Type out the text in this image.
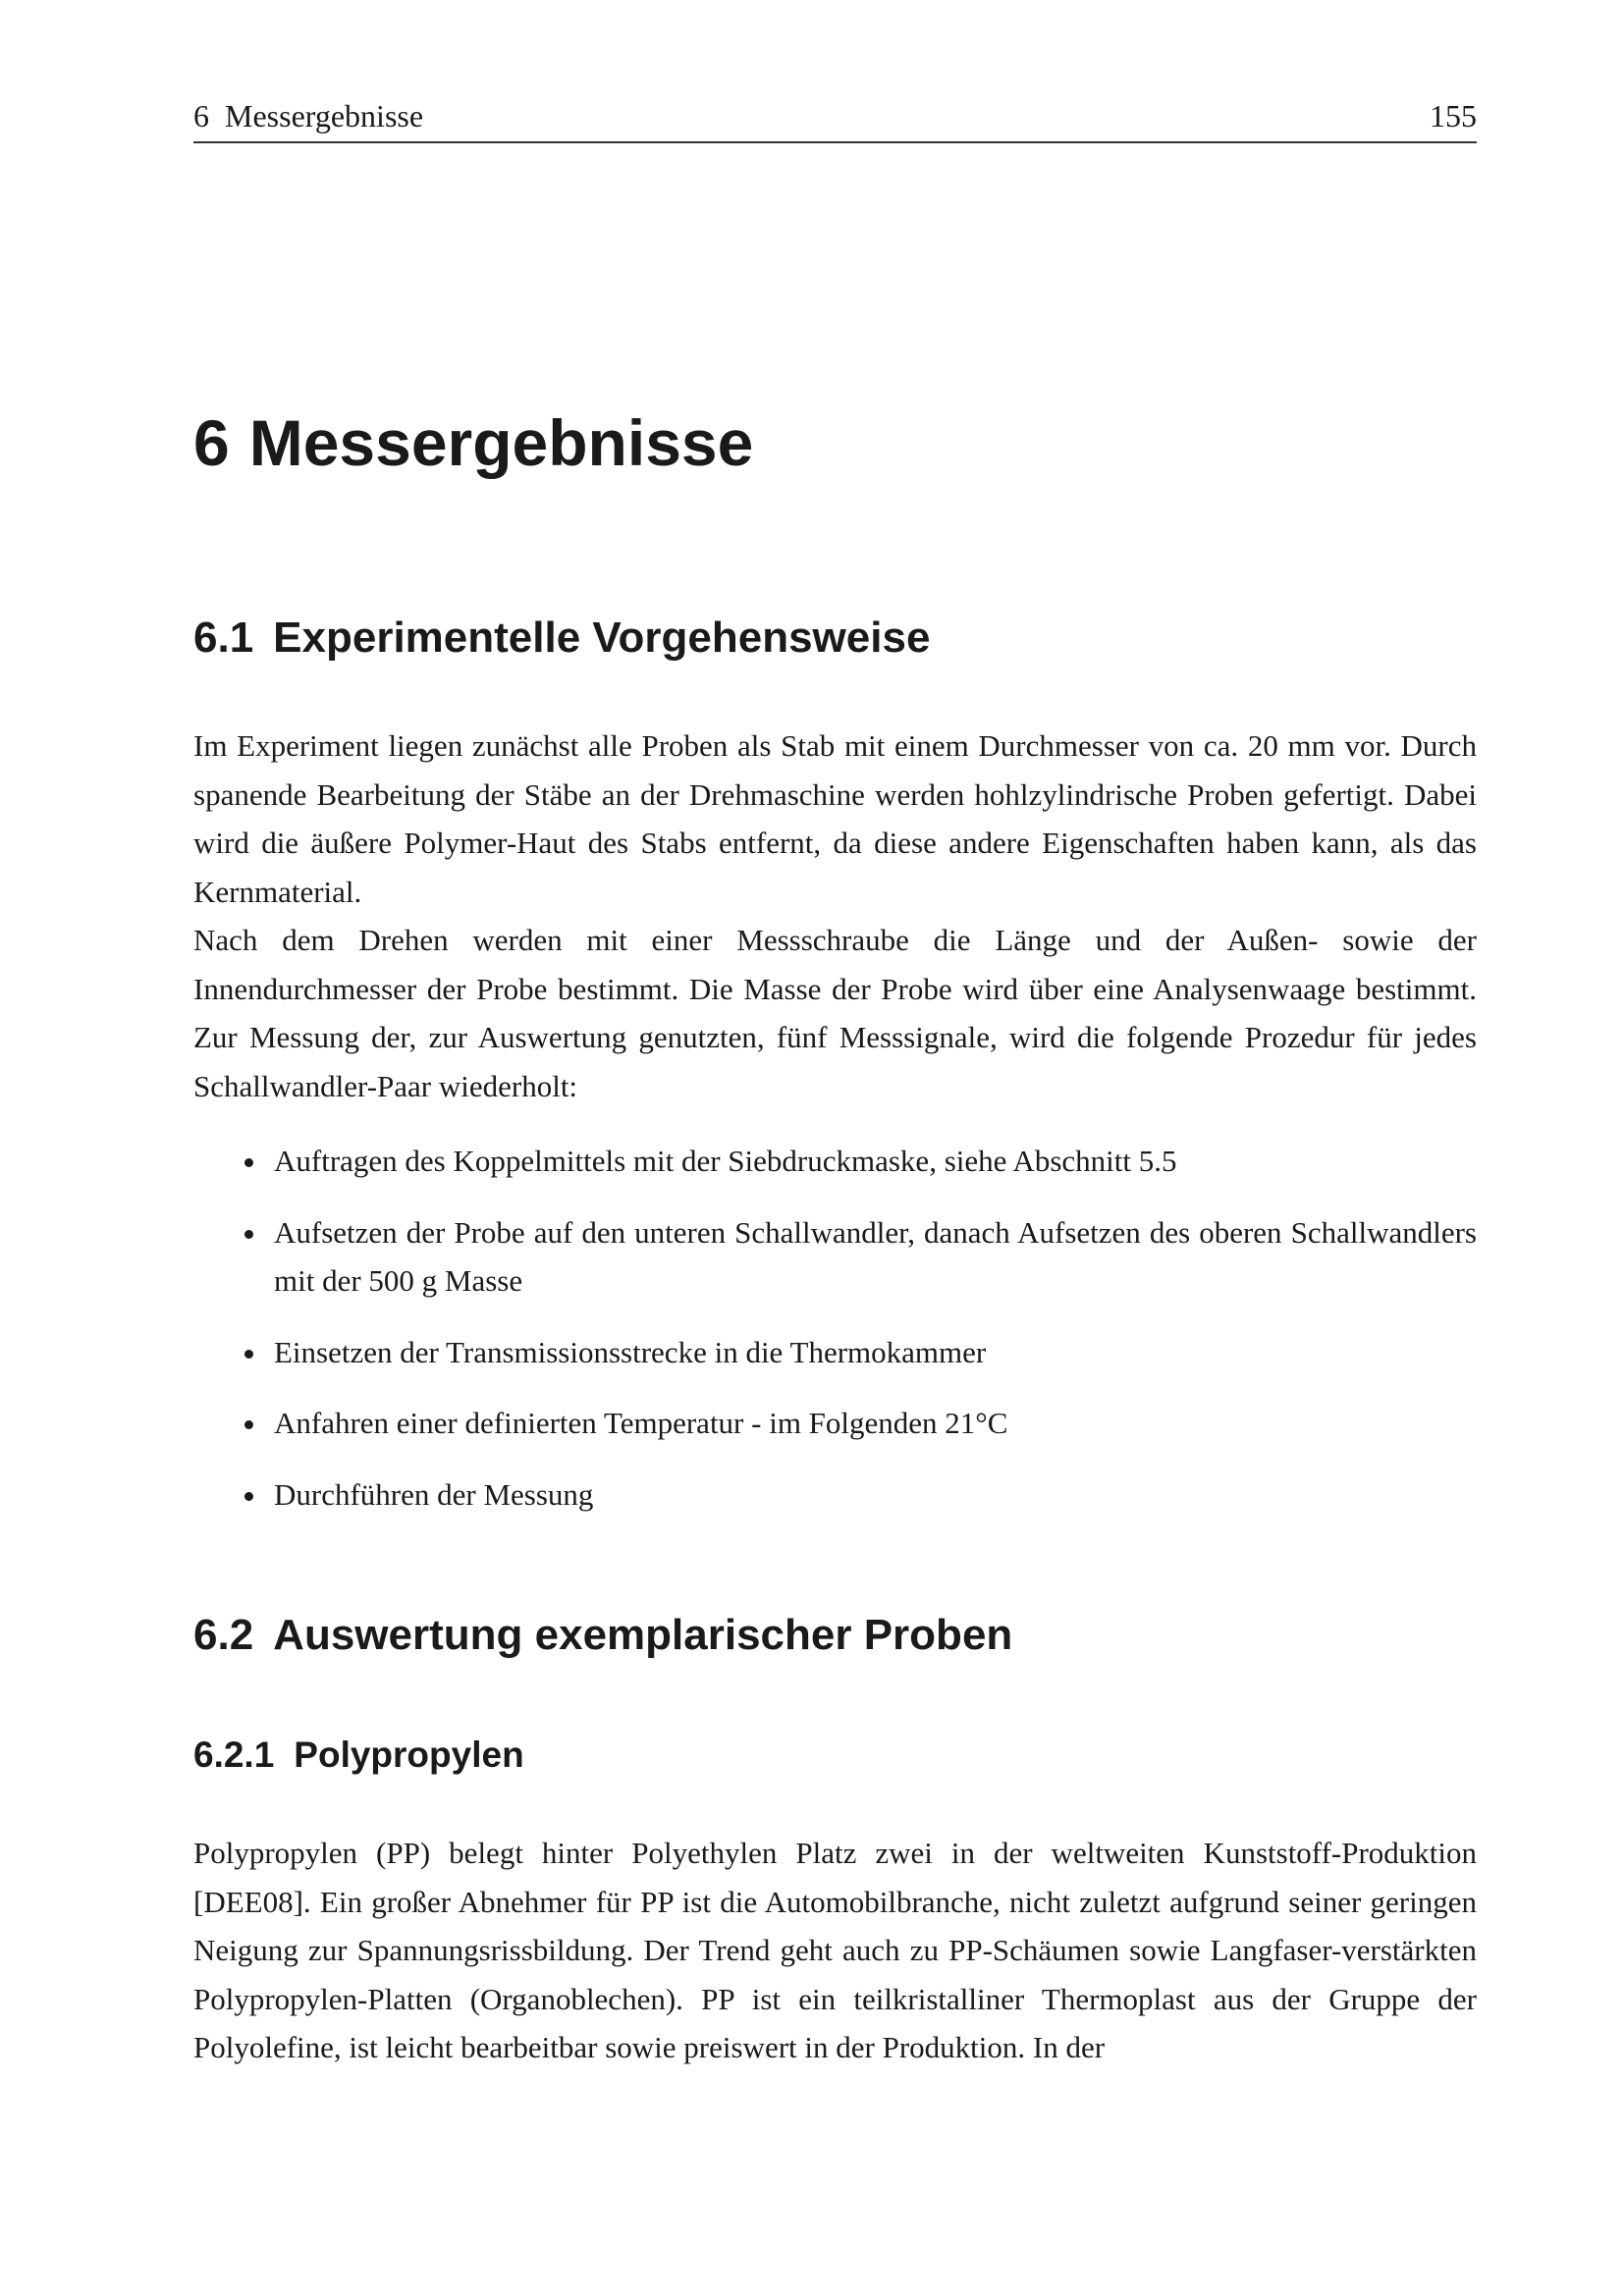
6  Messergebnisse	155
6 Messergebnisse
6.1 Experimentelle Vorgehensweise

Im Experiment liegen zunächst alle Proben als Stab mit einem Durchmesser von ca. 20 mm vor. Durch spanende Bearbeitung der Stäbe an der Drehmaschine werden hohlzylindrische Proben gefertigt. Dabei wird die äußere Polymer-Haut des Stabs entfernt, da diese andere Eigenschaften haben kann, als das Kernmaterial.

Nach dem Drehen werden mit einer Messschraube die Länge und der Außen- sowie der Innendurchmesser der Probe bestimmt. Die Masse der Probe wird über eine Analysenwaage bestimmt. Zur Messung der, zur Auswertung genutzten, fünf Messsignale, wird die folgende Prozedur für jedes Schallwandler-Paar wiederholt:

Auftragen des Koppelmittels mit der Siebdruckmaske, siehe Abschnitt 5.5
Aufsetzen der Probe auf den unteren Schallwandler, danach Aufsetzen des oberen Schallwandlers mit der 500 g Masse
Einsetzen der Transmissionsstrecke in die Thermokammer
Anfahren einer definierten Temperatur - im Folgenden 21°C
Durchführen der Messung
6.2 Auswertung exemplarischer Proben
6.2.1 Polypropylen

Polypropylen (PP) belegt hinter Polyethylen Platz zwei in der weltweiten Kunststoff-Produktion [DEE08]. Ein großer Abnehmer für PP ist die Automobilbranche, nicht zuletzt aufgrund seiner geringen Neigung zur Spannungsrissbildung. Der Trend geht auch zu PP-Schäumen sowie Langfaser-verstärkten Polypropylen-Platten (Organoblechen). PP ist ein teilkristalliner Thermoplast aus der Gruppe der Polyolefine, ist leicht bearbeitbar sowie preiswert in der Produktion. In der
